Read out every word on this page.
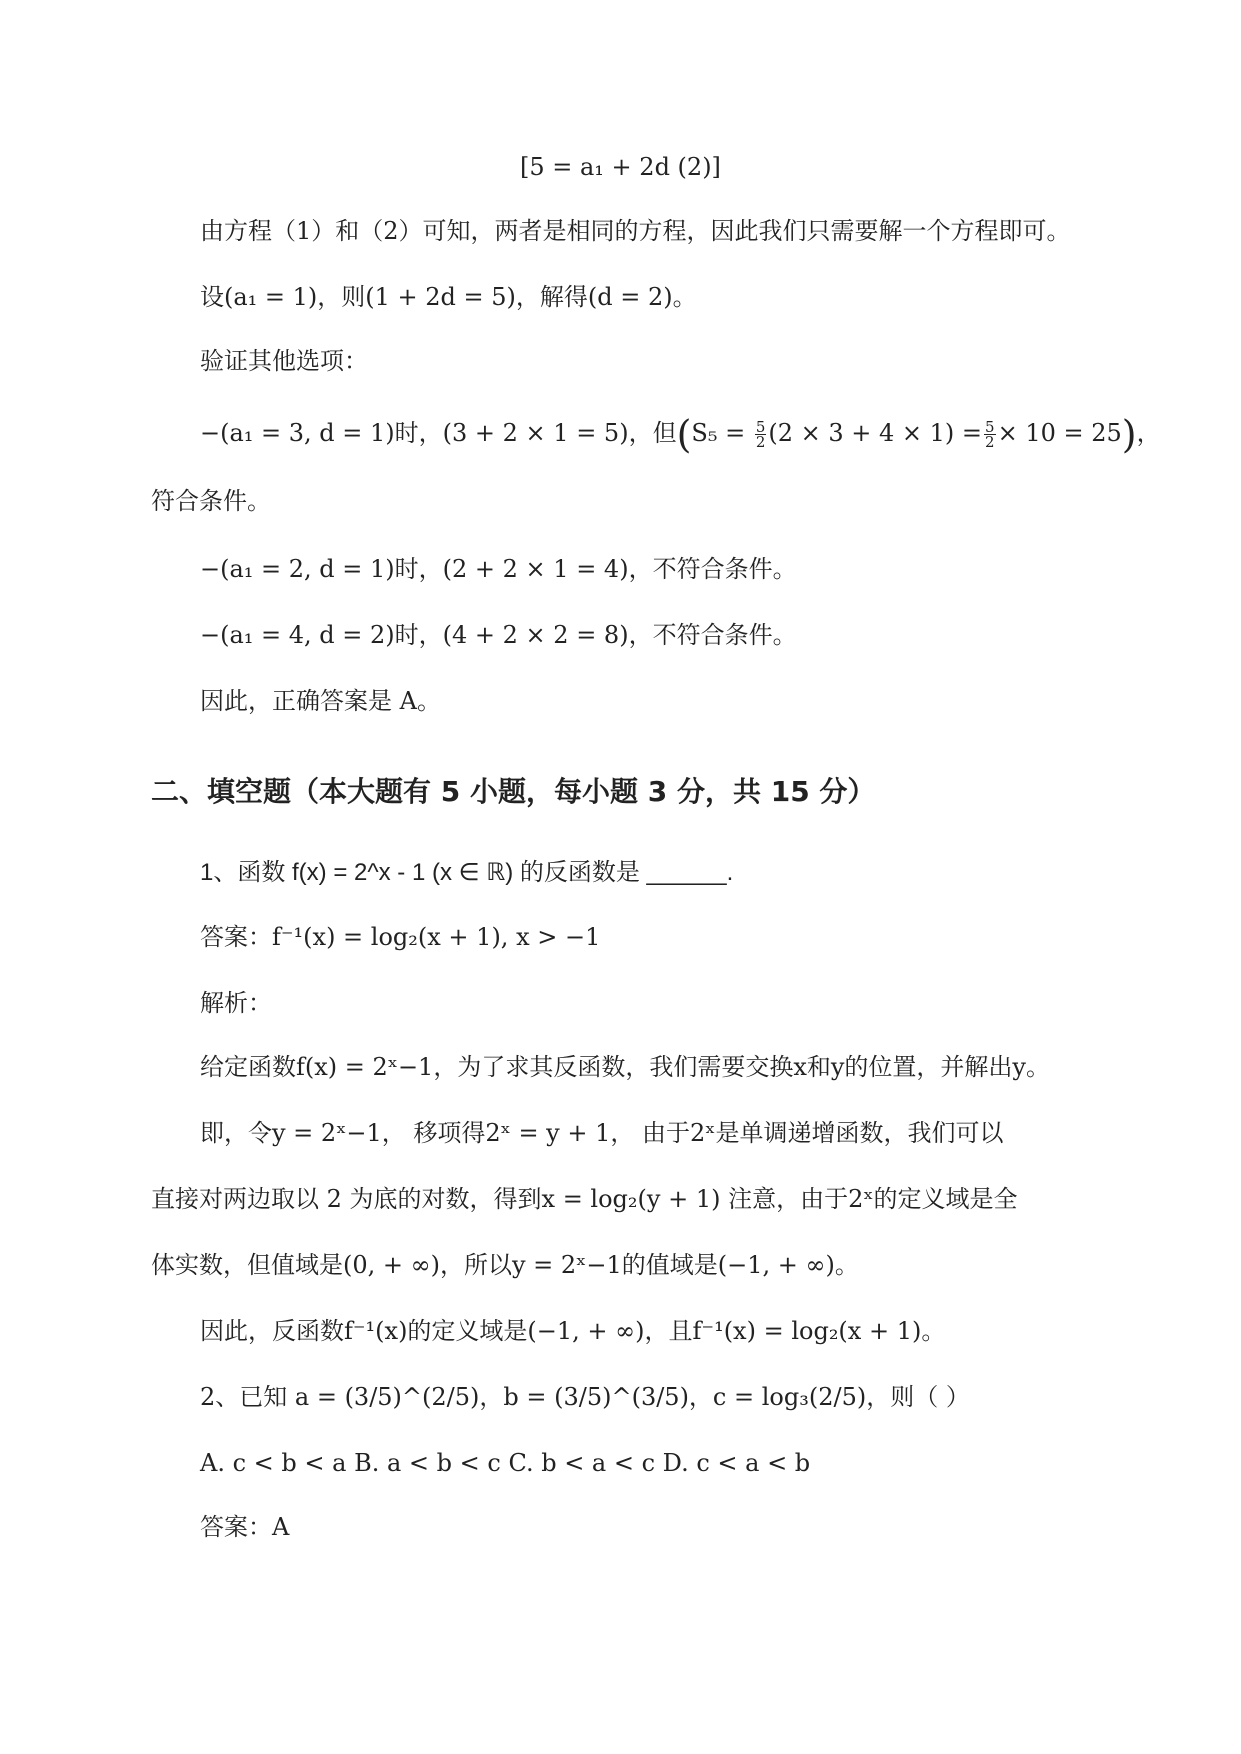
[5 = a₁ + 2d (2)]
由方程（1）和（2）可知，两者是相同的方程，因此我们只需要解一个方程即可。
设(a₁ = 1)，则(1 + 2d = 5)，解得(d = 2)。
验证其他选项：
−(a₁ = 3, d = 1)时，(3 + 2 × 1 = 5)，但$(S_5 = \frac{5}{2} (2 \times 3 + 4 \times 1) = \frac{5}{2} \times 10 = 25)$，
符合条件。
−(a₁ = 2, d = 1)时，(2 + 2 × 1 = 4)，不符合条件。
−(a₁ = 4, d = 2)时，(4 + 2 × 2 = 8)，不符合条件。
因此，正确答案是 A。
二、填空题（本大题有 5 小题，每小题 3 分，共 15 分）
1、函数 f(x) = 2^x - 1 (x ∈ ℝ) 的反函数是 ______.
答案：f⁻¹(x) = log₂(x + 1), x > −1
解析：
给定函数f(x) = 2ˣ−1，为了求其反函数，我们需要交换x和y的位置，并解出y。
即，令y = 2ˣ−1， 移项得2ˣ = y + 1， 由于2ˣ是单调递增函数，我们可以
直接对两边取以 2 为底的对数，得到x = log₂(y + 1) 注意，由于2ˣ的定义域是全
体实数，但值域是(0, + ∞)，所以y = 2ˣ−1的值域是(−1, + ∞)。
因此，反函数f⁻¹(x)的定义域是(−1, + ∞)，且f⁻¹(x) = log₂(x + 1)。
2、已知 a = (3/5)^(2/5)，b = (3/5)^(3/5)，c = log₃(2/5)，则（ ）
A. c < b < a B. a < b < c C. b < a < c D. c < a < b
答案：A
